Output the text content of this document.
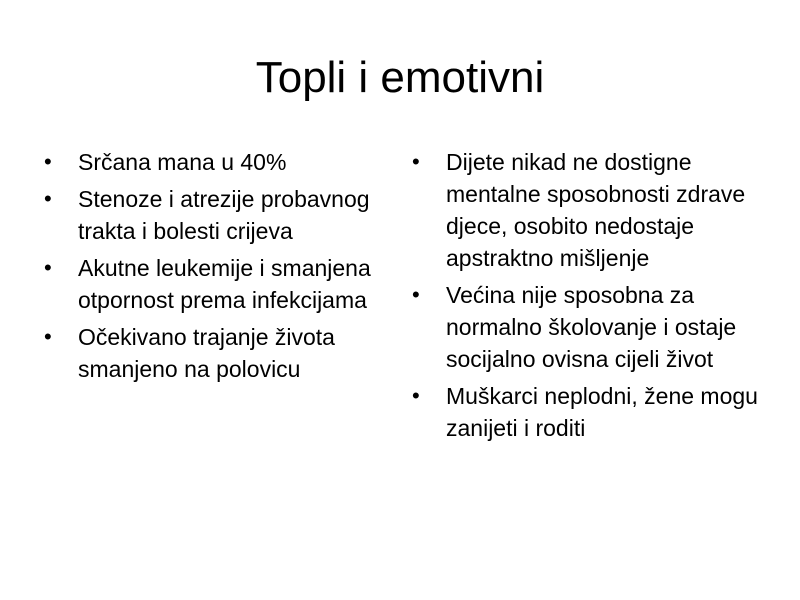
Topli i emotivni
• Srčana mana u 40%
• Stenoze i atrezije probavnog trakta i bolesti crijeva
• Akutne leukemije i smanjena otpornost prema infekcijama
• Očekivano trajanje života smanjeno na polovicu
• Dijete nikad ne dostigne mentalne sposobnosti zdrave djece, osobito nedostaje apstraktno mišljenje
• Većina nije sposobna za normalno školovanje i ostaje socijalno ovisna cijeli život
• Muškarci neplodni, žene mogu zanijeti i roditi
